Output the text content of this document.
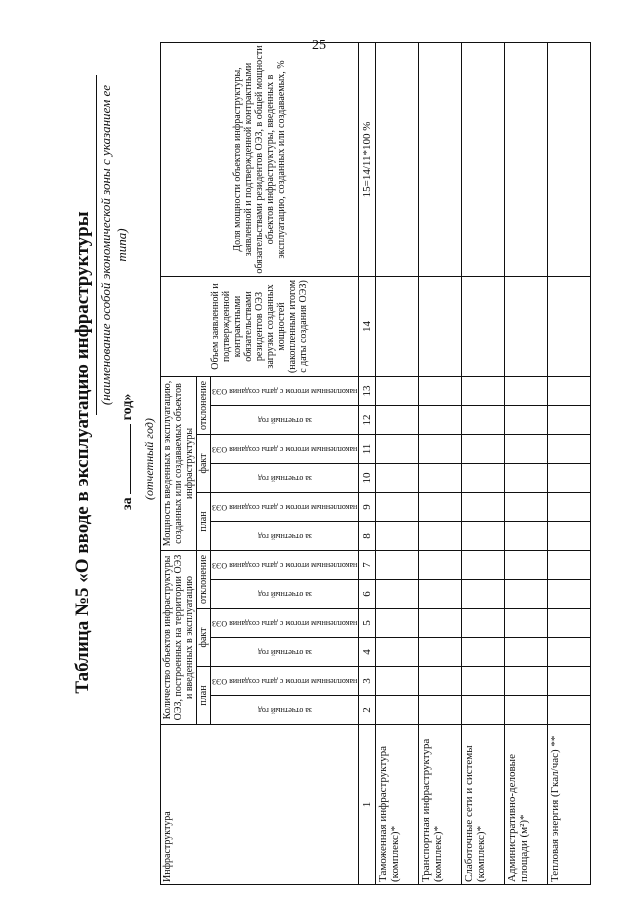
25
Таблица №5 «О вводе в эксплуатацию инфраструктуры (наименование особой экономической зоны с указанием ее типа)
за  год»
(отчетный год)
Инфраструктура	Количество объектов инфраструктуры ОЭЗ, построенных на территории ОЭЗ и введенных в эксплуатацию						Мощность введенных в эксплуатацию, созданных или создаваемых объектов инфраструктуры						Объем заявленной и подтвержденной контрактными обязательствами резидентов ОЭЗ загрузки созданных мощностей (накопленным итогом с даты создания ОЭЗ)	Доля мощности объектов инфраструктуры, заявленной и подтвержденной контрактными обязательствами резидентов ОЭЗ, в общей мощности объектов инфраструктуры, введенных в эксплуатацию, созданных или создаваемых, %
	план		факт		отклонение		план		факт		отклонение			

	за отчетный год	накопленным итогом с даты создания ОЭЗ	за отчетный год	накопленным итогом с даты создания ОЭЗ	за отчетный год	накопленным итогом с даты создания ОЭЗ	за отчетный год	накопленным итогом с даты создания ОЭЗ	за отчетный год	накопленным итогом с даты создания ОЭЗ	за отчетный год	накопленным итогом с даты создания ОЭЗ		

1	2	3	4	5	6	7	8	9	10	11	12	13	14	15=14/11*100 %
Таможенная инфраструктура (комплекс)*														
Транспортная инфраструктура (комплекс)*														
Слаботочные сети и системы (комплекс)*														
Административно-деловые площади (м²)*														
Тепловая энергия (Гкал/час) **														
